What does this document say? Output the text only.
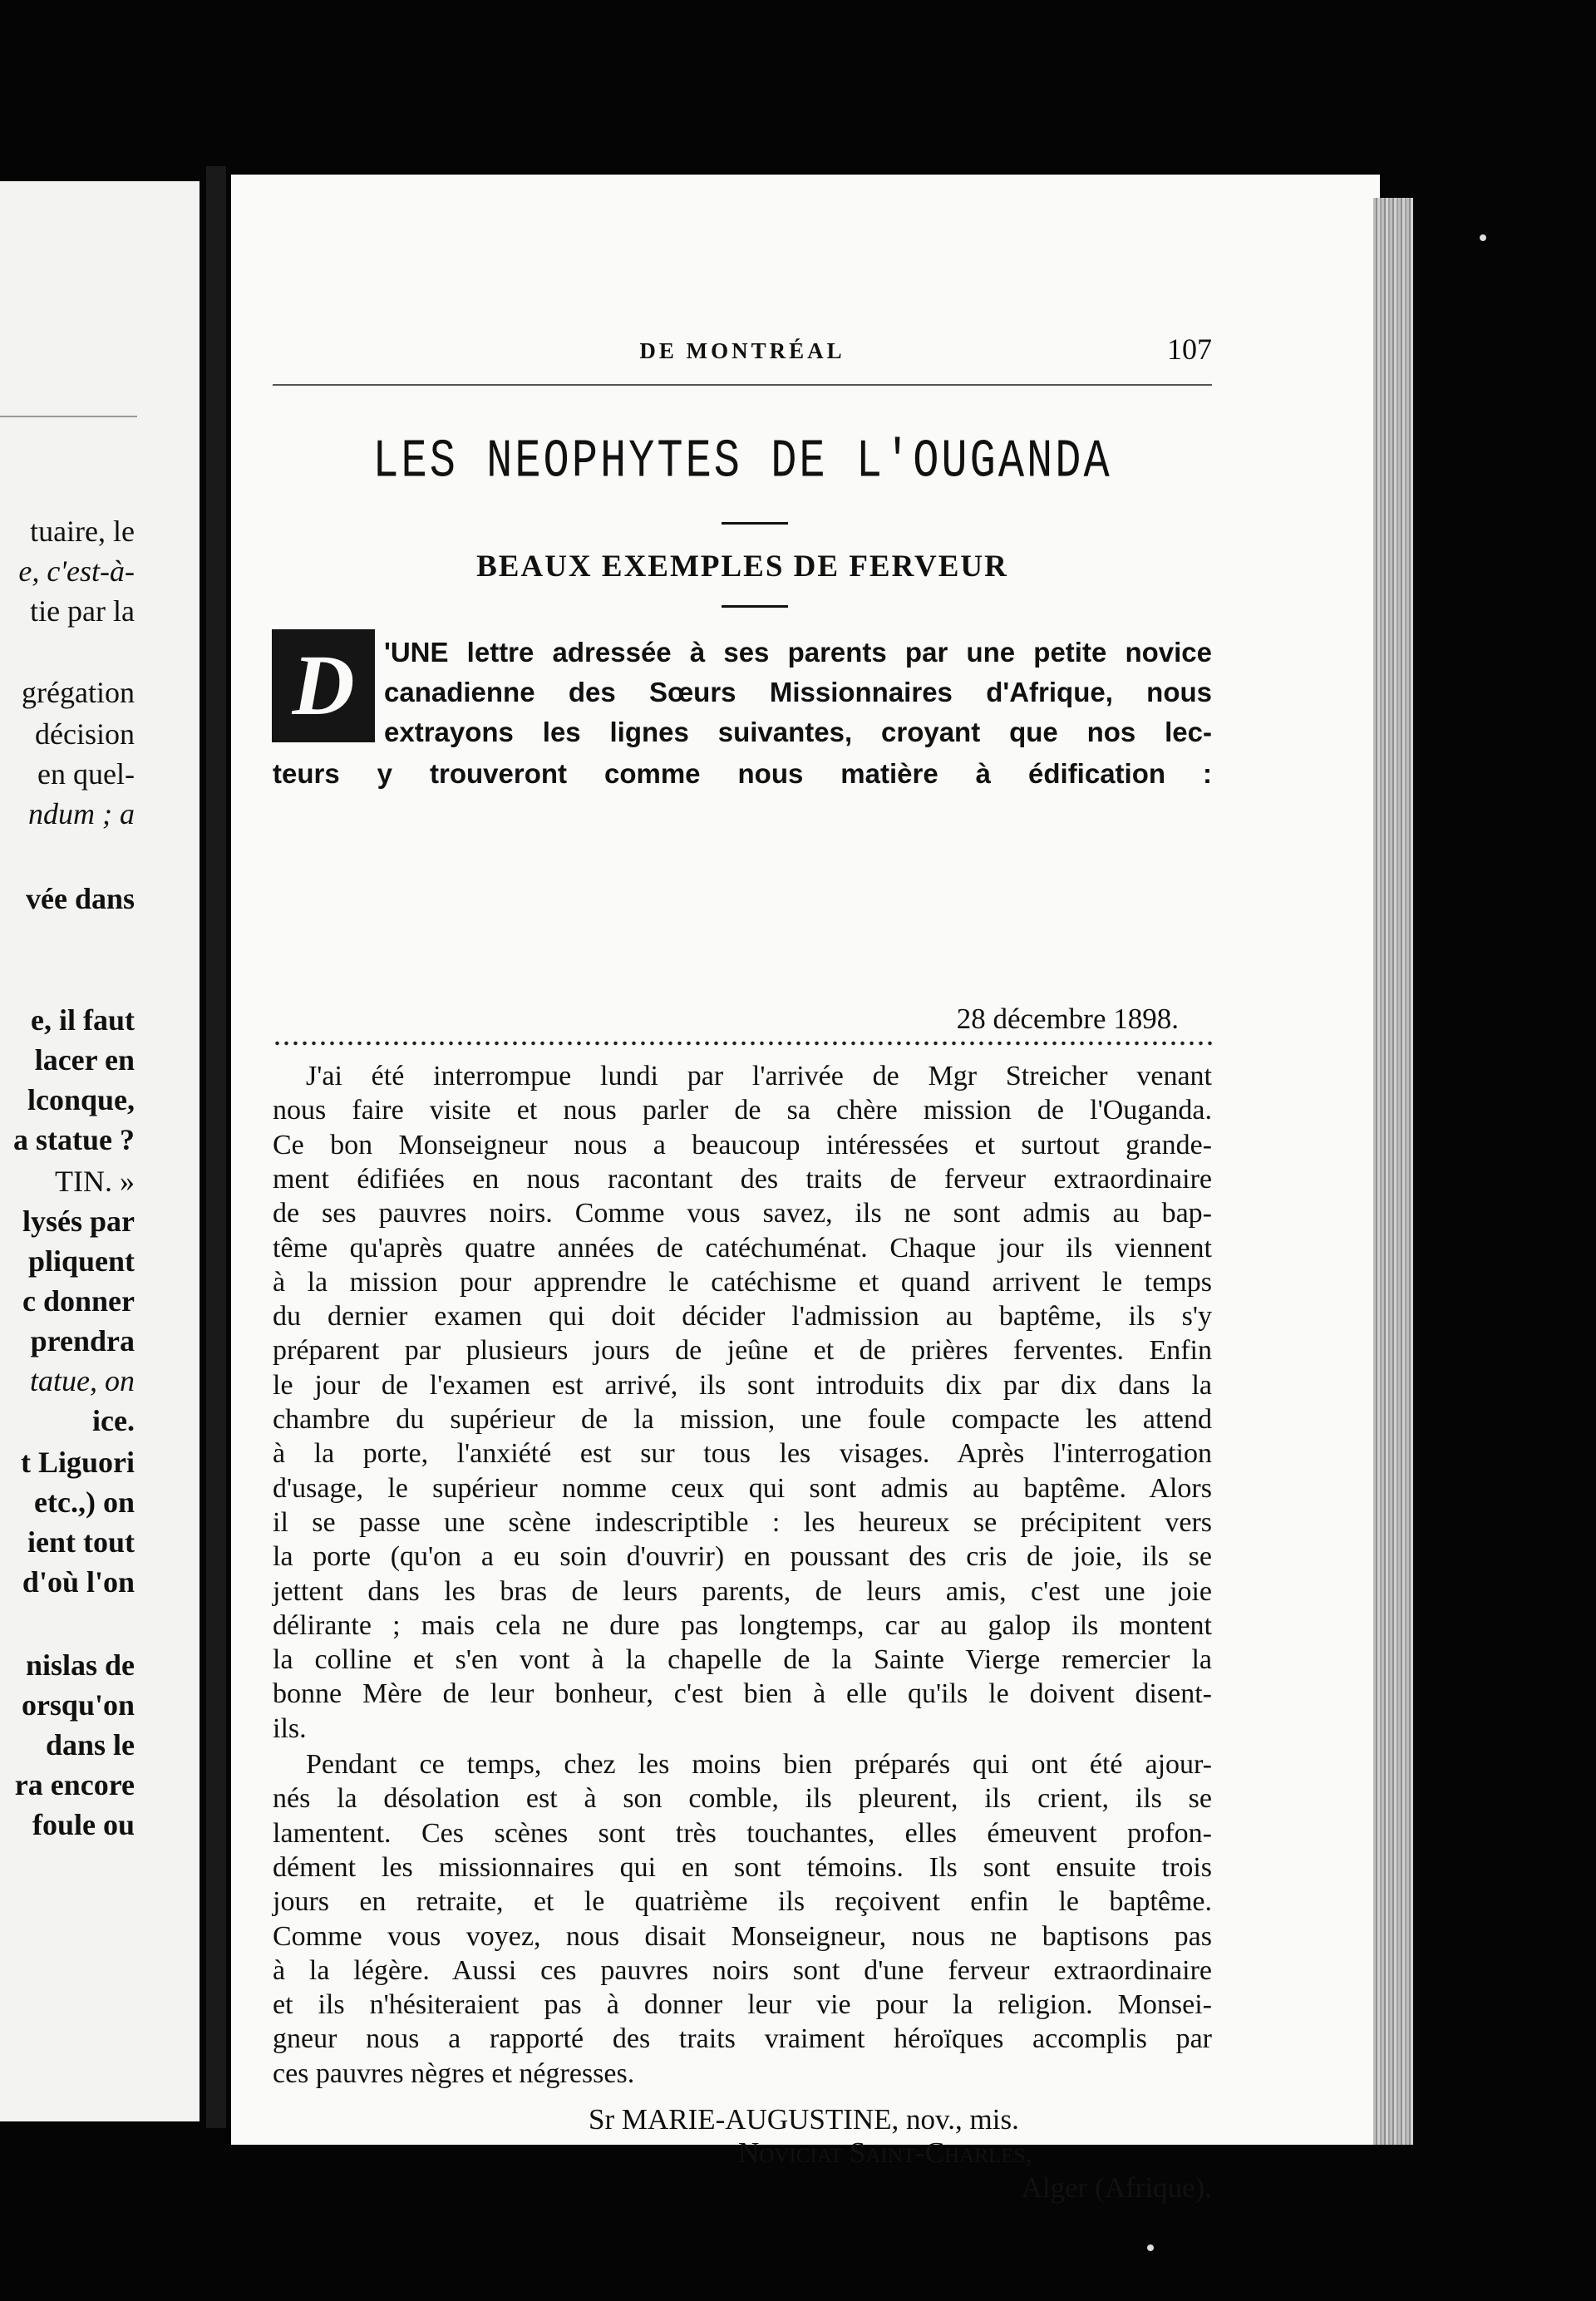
tuaire, le
e, c'est-à-
tie par la
grégation
décision
en quel-
ndum ; a
vée dans
e, il faut
lacer en
lconque,
a statue ?
TIN. »
lysés par
pliquent
c donner
prendra
tatue, on
ice.
t Liguori
etc.,) on
ient tout
d'où l'on
nislas de
orsqu'on
dans le
ra encore
foule ou
DE MONTRÉAL	107
LES NEOPHYTES DE L'OUGANDA
BEAUX EXEMPLES DE FERVEUR
D	'UNE lettre adressée à ses parents par une petite novice
canadienne des Sœurs Missionnaires d'Afrique, nous
extrayons les lignes suivantes, croyant que nos lec-
teurs y trouveront comme nous matière à édification :
28 décembre 1898.
J'ai été interrompue lundi par l'arrivée de Mgr Streicher venant
nous faire visite et nous parler de sa chère mission de l'Ouganda.
Ce bon Monseigneur nous a beaucoup intéressées et surtout grande-
ment édifiées en nous racontant des traits de ferveur extraordinaire
de ses pauvres noirs. Comme vous savez, ils ne sont admis au bap-
tême qu'après quatre années de catéchuménat. Chaque jour ils viennent
à la mission pour apprendre le catéchisme et quand arrivent le temps
du dernier examen qui doit décider l'admission au baptême, ils s'y
préparent par plusieurs jours de jeûne et de prières ferventes. Enfin
le jour de l'examen est arrivé, ils sont introduits dix par dix dans la
chambre du supérieur de la mission, une foule compacte les attend
à la porte, l'anxiété est sur tous les visages. Après l'interrogation
d'usage, le supérieur nomme ceux qui sont admis au baptême. Alors
il se passe une scène indescriptible : les heureux se précipitent vers
la porte (qu'on a eu soin d'ouvrir) en poussant des cris de joie, ils se
jettent dans les bras de leurs parents, de leurs amis, c'est une joie
délirante ; mais cela ne dure pas longtemps, car au galop ils montent
la colline et s'en vont à la chapelle de la Sainte Vierge remercier la
bonne Mère de leur bonheur, c'est bien à elle qu'ils le doivent disent-
ils.
Pendant ce temps, chez les moins bien préparés qui ont été ajour-
nés la désolation est à son comble, ils pleurent, ils crient, ils se
lamentent. Ces scènes sont très touchantes, elles émeuvent profon-
dément les missionnaires qui en sont témoins. Ils sont ensuite trois
jours en retraite, et le quatrième ils reçoivent enfin le baptême.
Comme vous voyez, nous disait Monseigneur, nous ne baptisons pas
à la légère. Aussi ces pauvres noirs sont d'une ferveur extraordinaire
et ils n'hésiteraient pas à donner leur vie pour la religion. Monsei-
gneur nous a rapporté des traits vraiment héroïques accomplis par
ces pauvres nègres et négresses.
Sr MARIE-AUGUSTINE, nov., mis.
Noviciat Saint-Charles,
Alger (Afrique).
